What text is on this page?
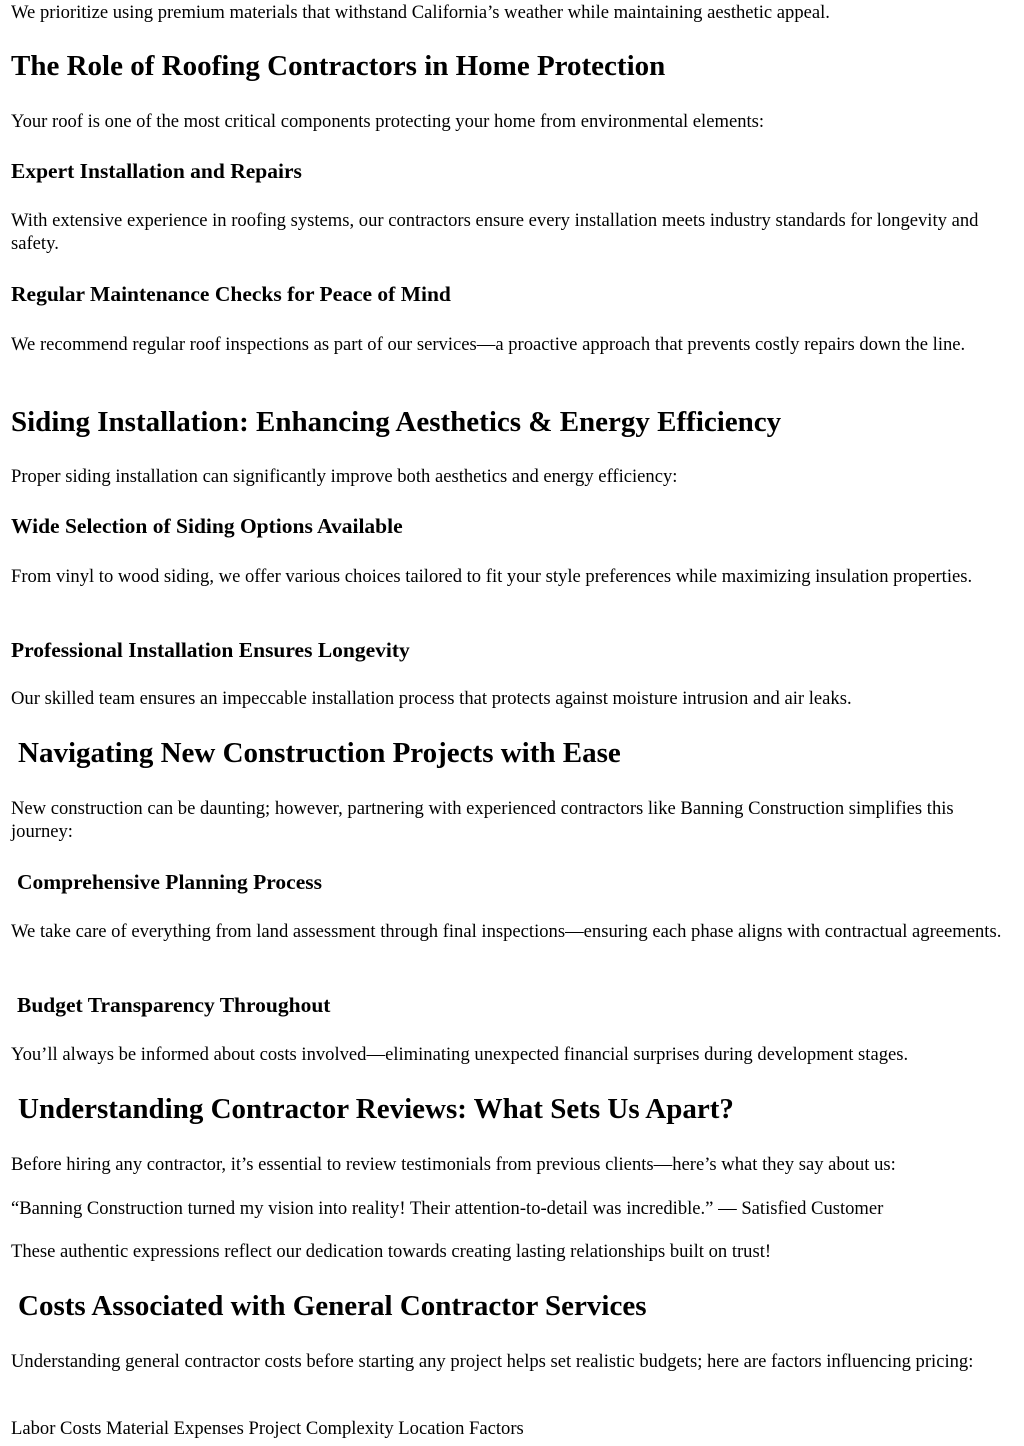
We prioritize using premium materials that withstand California’s weather while maintaining aesthetic appeal.

The Role of Roofing Contractors in Home Protection

Your roof is one of the most critical components protecting your home from environmental elements:

Expert Installation and Repairs

With extensive experience in roofing systems, our contractors ensure every installation meets industry standards for longevity and safety.

Regular Maintenance Checks for Peace of Mind

We recommend regular roof inspections as part of our services—a proactive approach that prevents costly repairs down the line.

Siding Installation: Enhancing Aesthetics & Energy Efficiency

Proper siding installation can significantly improve both aesthetics and energy efficiency:

Wide Selection of Siding Options Available

From vinyl to wood siding, we offer various choices tailored to fit your style preferences while maximizing insulation properties.

Professional Installation Ensures Longevity

Our skilled team ensures an impeccable installation process that protects against moisture intrusion and air leaks.

Navigating New Construction Projects with Ease

New construction can be daunting; however, partnering with experienced contractors like Banning Construction simplifies this journey:

Comprehensive Planning Process

We take care of everything from land assessment through final inspections—ensuring each phase aligns with contractual agreements.

Budget Transparency Throughout

You’ll always be informed about costs involved—eliminating unexpected financial surprises during development stages.

Understanding Contractor Reviews: What Sets Us Apart?

Before hiring any contractor, it’s essential to review testimonials from previous clients—here’s what they say about us:

“Banning Construction turned my vision into reality! Their attention-to-detail was incredible.” — Satisfied Customer

These authentic expressions reflect our dedication towards creating lasting relationships built on trust!

Costs Associated with General Contractor Services

Understanding general contractor costs before starting any project helps set realistic budgets; here are factors influencing pricing:

Labor Costs Material Expenses Project Complexity Location Factors
